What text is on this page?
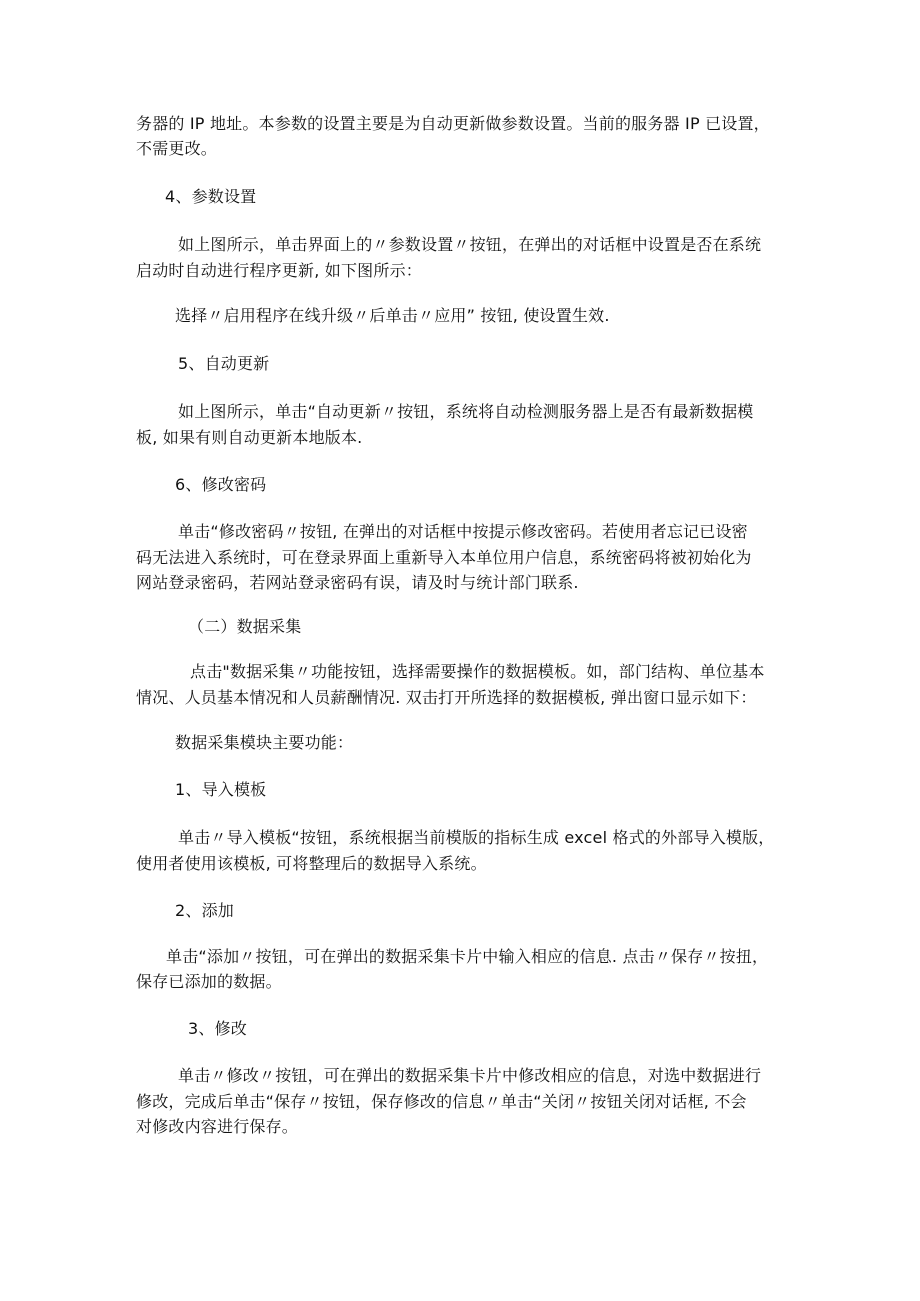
务器的 IP 地址。本参数的设置主要是为自动更新做参数设置。当前的服务器 IP 已设置，
不需更改。
4、参数设置
如上图所示，单击界面上的〃参数设置〃按钮，在弹出的对话框中设置是否在系统
启动时自动进行程序更新, 如下图所示：
选择〃启用程序在线升级〃后单击〃应用” 按钮, 使设置生效.
5、自动更新
如上图所示，单击“自动更新〃按钮，系统将自动检测服务器上是否有最新数据模
板, 如果有则自动更新本地版本.
6、修改密码
单击“修改密码〃按钮, 在弹出的对话框中按提示修改密码。若使用者忘记已设密
码无法进入系统时，可在登录界面上重新导入本单位用户信息，系统密码将被初始化为
网站登录密码，若网站登录密码有误，请及时与统计部门联系.
（二）数据采集
点击"数据采集〃功能按钮，选择需要操作的数据模板。如，部门结构、单位基本
情况、人员基本情况和人员薪酬情况. 双击打开所选择的数据模板, 弹出窗口显示如下：
数据采集模块主要功能：
1、导入模板
单击〃导入模板“按钮，系统根据当前模版的指标生成 excel 格式的外部导入模版，
使用者使用该模板, 可将整理后的数据导入系统。
2、添加
单击“添加〃按钮，可在弹出的数据采集卡片中输入相应的信息. 点击〃保存〃按扭，
保存已添加的数据。
3、修改
单击〃修改〃按钮，可在弹出的数据采集卡片中修改相应的信息，对选中数据进行
修改，完成后单击“保存〃按钮，保存修改的信息〃单击“关闭〃按钮关闭对话框, 不会
对修改内容进行保存。
